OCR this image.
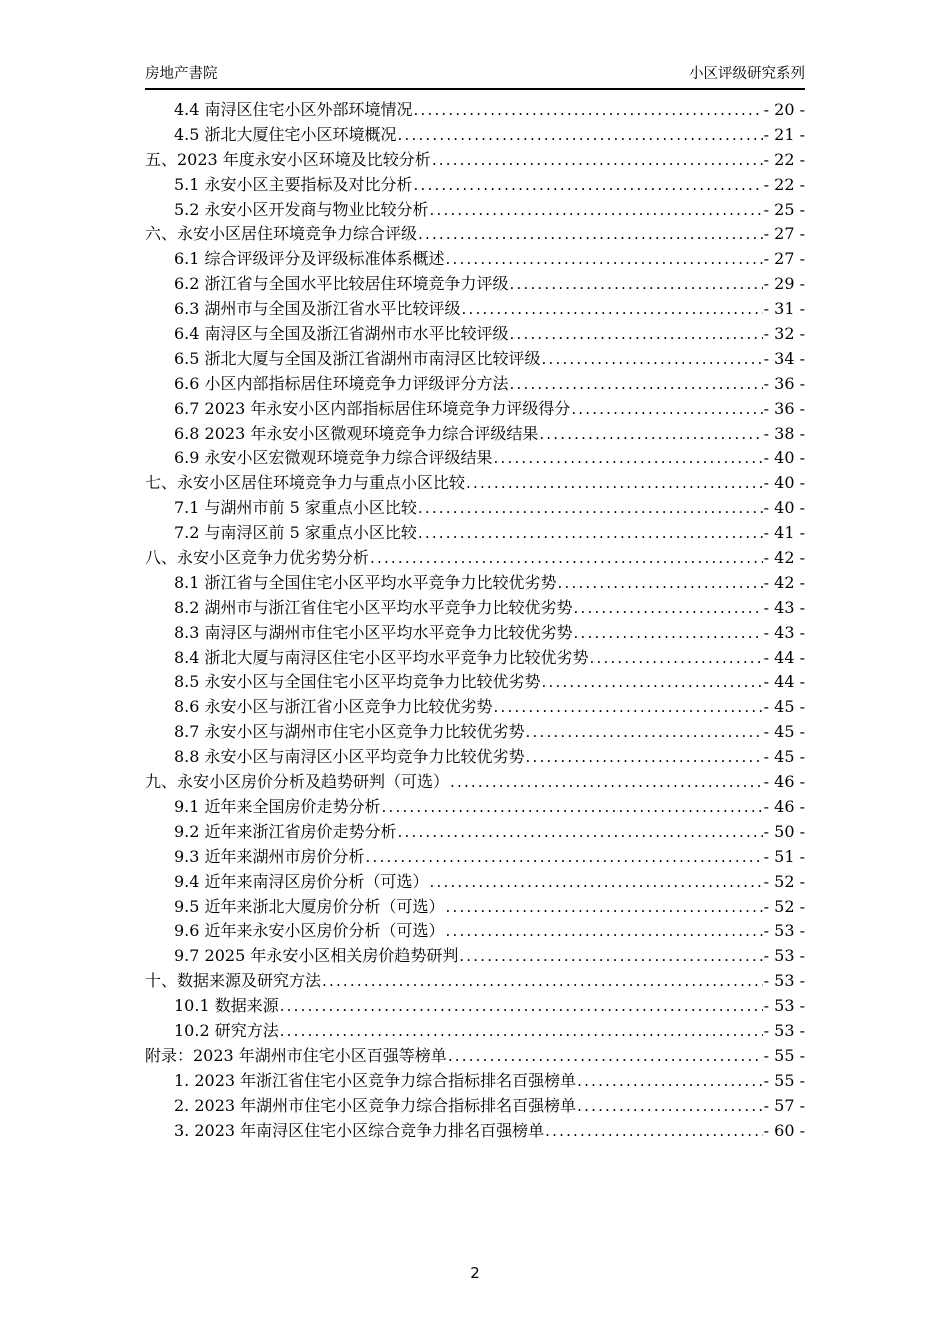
房地产書院	小区评级研究系列
4.4 南浔区住宅小区外部环境情况 .....	- 20 -
4.5 浙北大厦住宅小区环境概况 .....	- 21 -
五、2023 年度永安小区环境及比较分析 .....	- 22 -
5.1 永安小区主要指标及对比分析 .....	- 22 -
5.2 永安小区开发商与物业比较分析 .....	- 25 -
六、永安小区居住环境竞争力综合评级 .....	- 27 -
6.1 综合评级评分及评级标准体系概述 .....	- 27 -
6.2 浙江省与全国水平比较居住环境竞争力评级 .....	- 29 -
6.3 湖州市与全国及浙江省水平比较评级 .....	- 31 -
6.4 南浔区与全国及浙江省湖州市水平比较评级 .....	- 32 -
6.5 浙北大厦与全国及浙江省湖州市南浔区比较评级 .....	- 34 -
6.6 小区内部指标居住环境竞争力评级评分方法 .....	- 36 -
6.7 2023 年永安小区内部指标居住环境竞争力评级得分 .....	- 36 -
6.8 2023 年永安小区微观环境竞争力综合评级结果 .....	- 38 -
6.9 永安小区宏微观环境竞争力综合评级结果 .....	- 40 -
七、永安小区居住环境竞争力与重点小区比较 .....	- 40 -
7.1 与湖州市前 5 家重点小区比较 .....	- 40 -
7.2 与南浔区前 5 家重点小区比较 .....	- 41 -
八、永安小区竞争力优劣势分析 .....	- 42 -
8.1 浙江省与全国住宅小区平均水平竞争力比较优劣势 .....	- 42 -
8.2 湖州市与浙江省住宅小区平均水平竞争力比较优劣势 .....	- 43 -
8.3 南浔区与湖州市住宅小区平均水平竞争力比较优劣势 .....	- 43 -
8.4 浙北大厦与南浔区住宅小区平均水平竞争力比较优劣势 .....	- 44 -
8.5 永安小区与全国住宅小区平均竞争力比较优劣势 .....	- 44 -
8.6 永安小区与浙江省小区竞争力比较优劣势 .....	- 45 -
8.7 永安小区与湖州市住宅小区竞争力比较优劣势 .....	- 45 -
8.8 永安小区与南浔区小区平均竞争力比较优劣势 .....	- 45 -
九、永安小区房价分析及趋势研判（可选） .....	- 46 -
9.1 近年来全国房价走势分析 .....	- 46 -
9.2 近年来浙江省房价走势分析 .....	- 50 -
9.3 近年来湖州市房价分析 .....	- 51 -
9.4 近年来南浔区房价分析（可选） .....	- 52 -
9.5 近年来浙北大厦房价分析（可选） .....	- 52 -
9.6 近年来永安小区房价分析（可选） .....	- 53 -
9.7 2025 年永安小区相关房价趋势研判 .....	- 53 -
十、数据来源及研究方法 .....	- 53 -
10.1 数据来源 .....	- 53 -
10.2 研究方法 .....	- 53 -
附录：2023 年湖州市住宅小区百强等榜单 .....	- 55 -
1. 2023 年浙江省住宅小区竞争力综合指标排名百强榜单 .....	- 55 -
2. 2023 年湖州市住宅小区竞争力综合指标排名百强榜单 .....	- 57 -
3. 2023 年南浔区住宅小区综合竞争力排名百强榜单 .....	- 60 -
2
